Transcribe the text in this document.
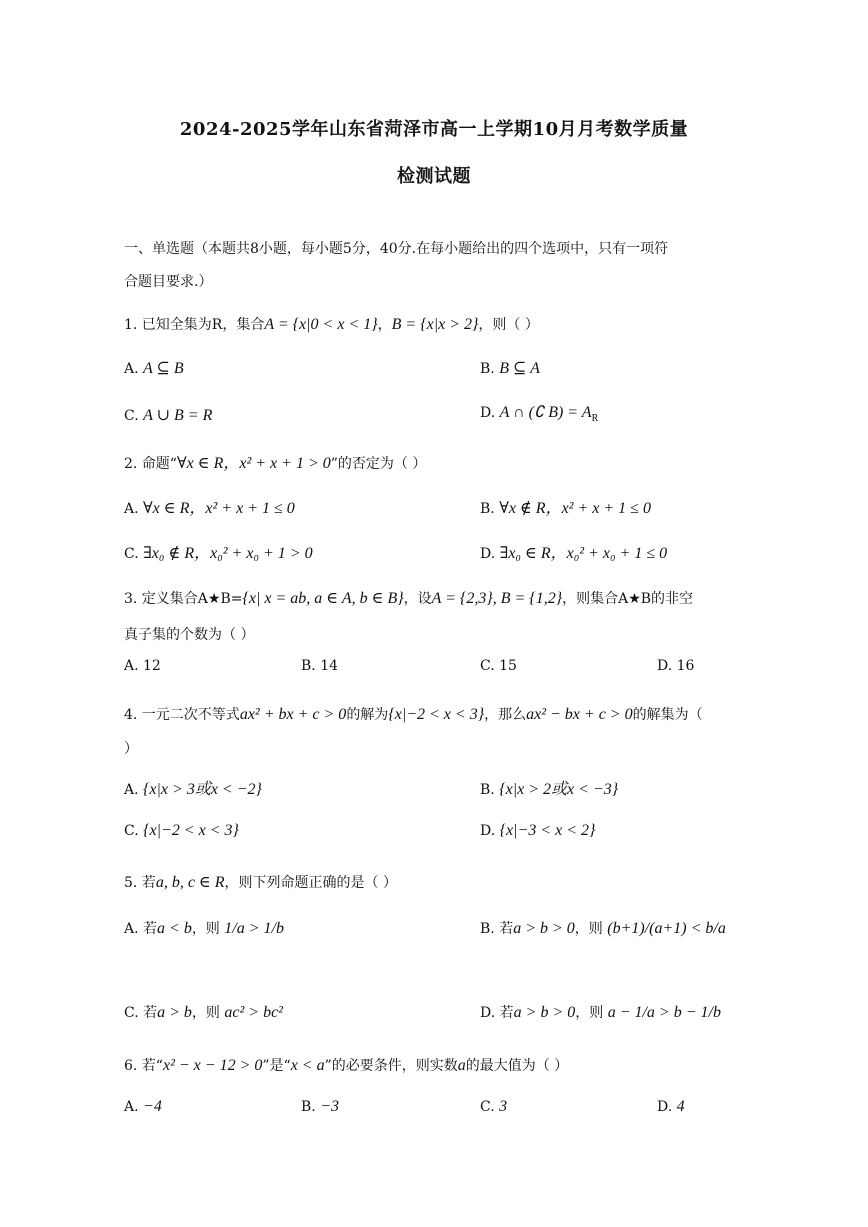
2024-2025学年山东省菏泽市高一上学期10月月考数学质量
检测试题
一、单选题（本题共8小题，每小题5分，40分.在每小题给出的四个选项中，只有一项符
合题目要求.）
1. 已知全集为R，集合A = {x|0 < x < 1}，B = {x|x > 2}，则（ ）
A. A ⊆ B	B. B ⊆ A
C. A ∪ B = R	D. A ∩ (∁ $B) = A_R$
2. 命题“∀x ∈ R，x² + x + 1 > 0”的否定为（ ）
A. ∀x ∈ R，x² + x + 1 ≤ 0	B. ∀x ∉ R，x² + x + 1 ≤ 0
C. ∃x₀ ∉ R，x₀² + x₀ + 1 > 0	D. ∃x₀ ∈ R，x₀² + x₀ + 1 ≤ 0
3. 定义集合A★B={x| x = ab, a ∈ A, b ∈ B}，设A = {2,3}, B = {1,2}，则集合A★B的非空
真子集的个数为（ ）
A. 12	B. 14	C. 15	D. 16
4. 一元二次不等式ax² + bx + c > 0的解为{x|−2 < x < 3}，那么ax² − bx + c > 0的解集为（
）
A. {x|x > 3或x < −2}	B. {x|x > 2或x < −3}
C. {x|−2 < x < 3}	D. {x|−3 < x < 2}
5. 若a, b, c ∈ R，则下列命题正确的是（ ）
A. 若a < b，则 1/a > 1/b	B. 若a > b > 0，则 (b+1)/(a+1) < b/a
C. 若a > b，则 ac² > bc²	D. 若a > b > 0，则 a − 1/a > b − 1/b
6. 若“x² − x − 12 > 0”是“x < a”的必要条件，则实数a的最大值为（ ）
A. −4	B. −3	C. 3	D. 4
